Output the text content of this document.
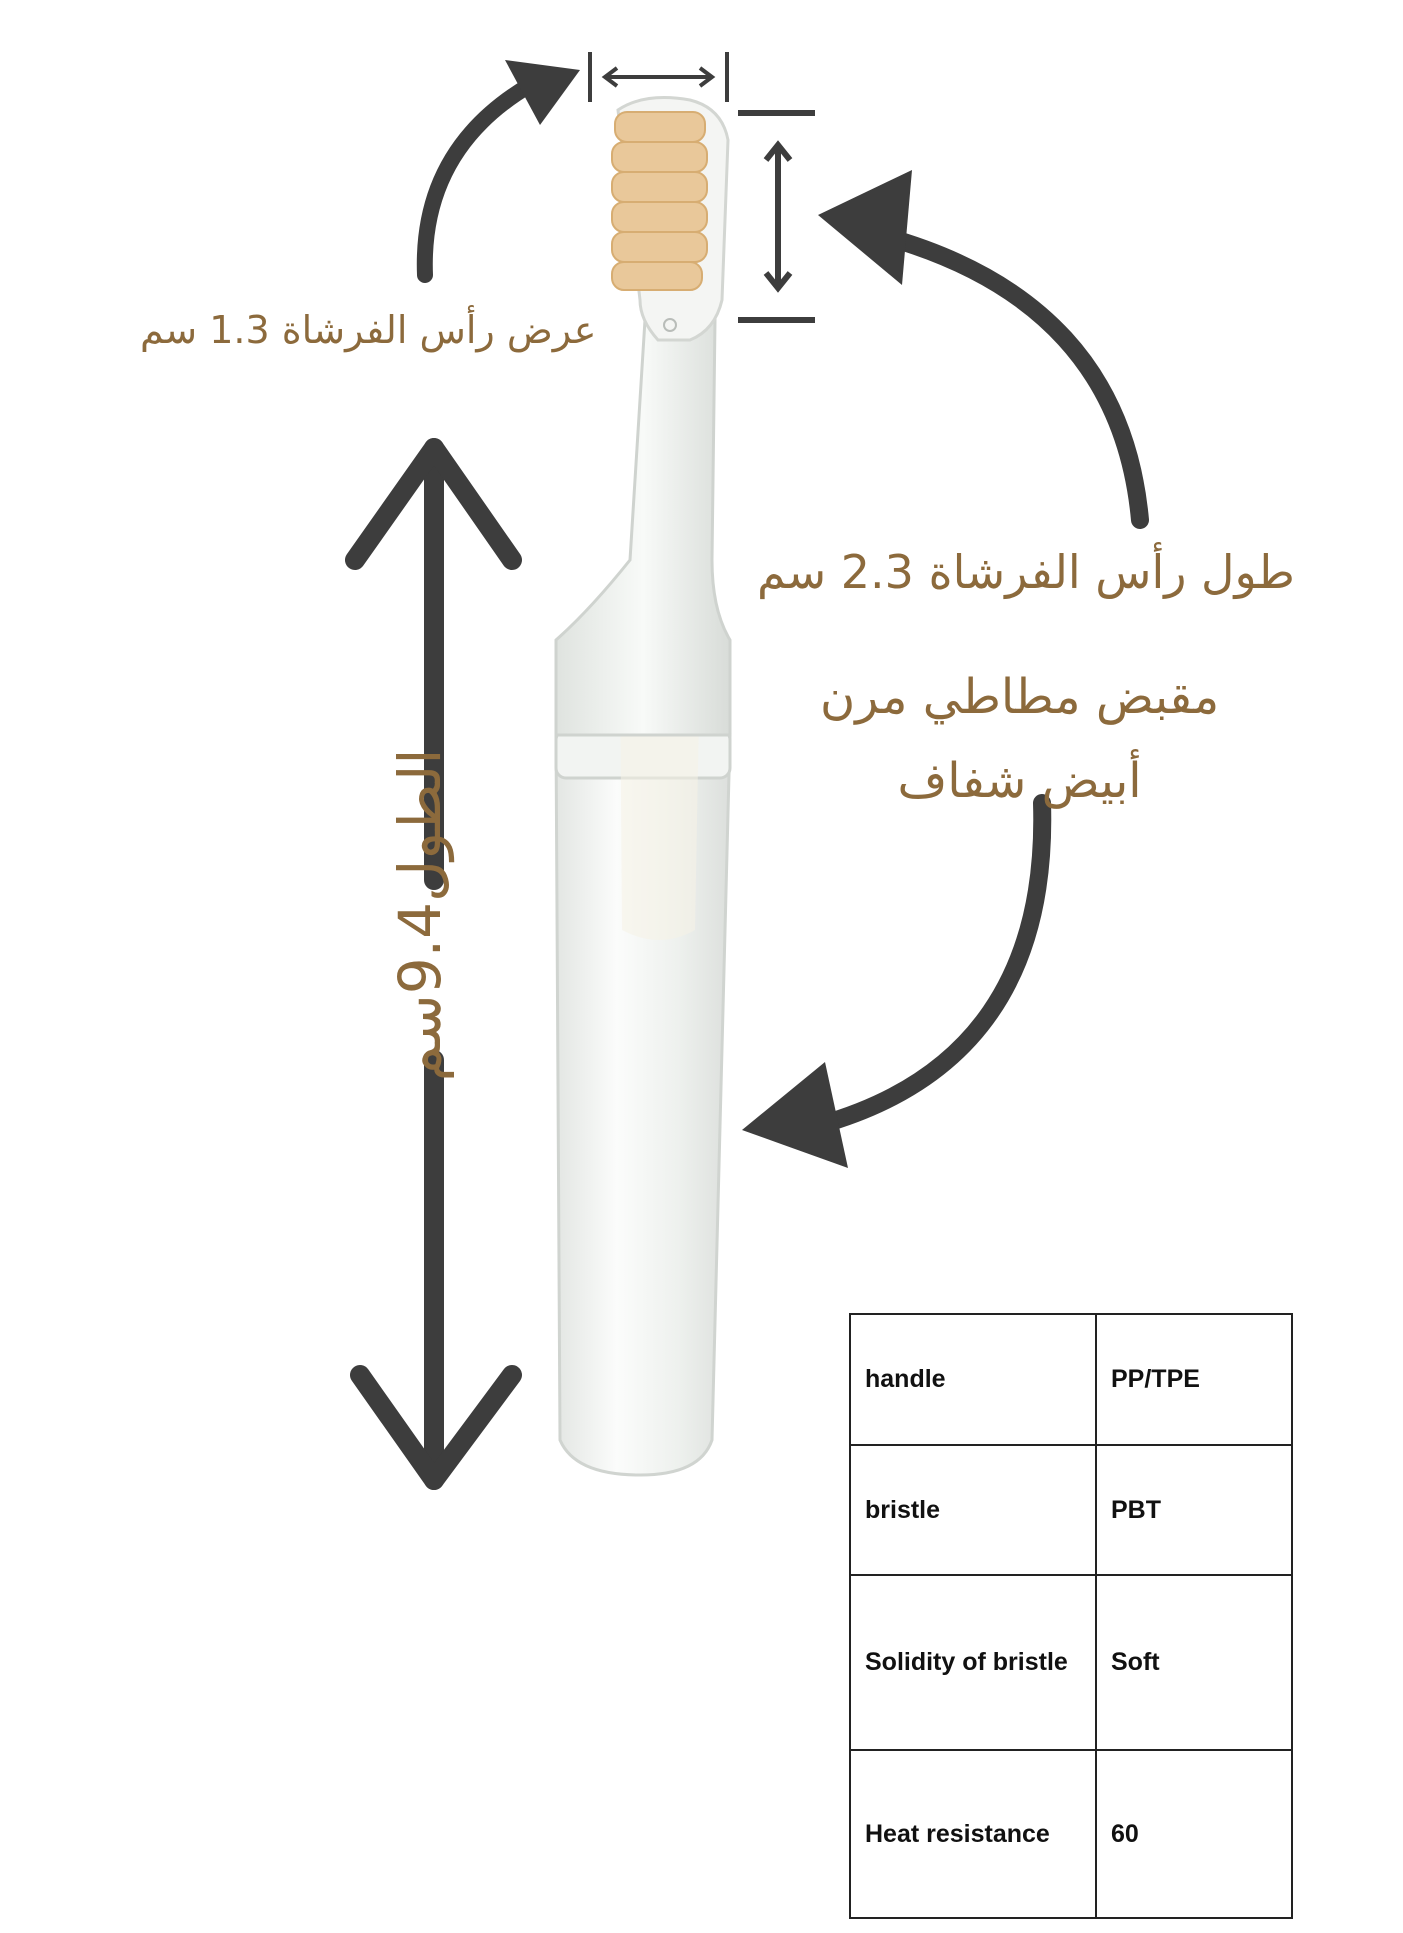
عرض رأس الفرشاة 1.3 سم
طول رأس الفرشاة 2.3 سم
مقبض مطاطي مرن
أبيض شفاف
الطول9.4سم
handle	PP/TPE
bristle	PBT
Solidity of bristle	Soft
Heat resistance	60
